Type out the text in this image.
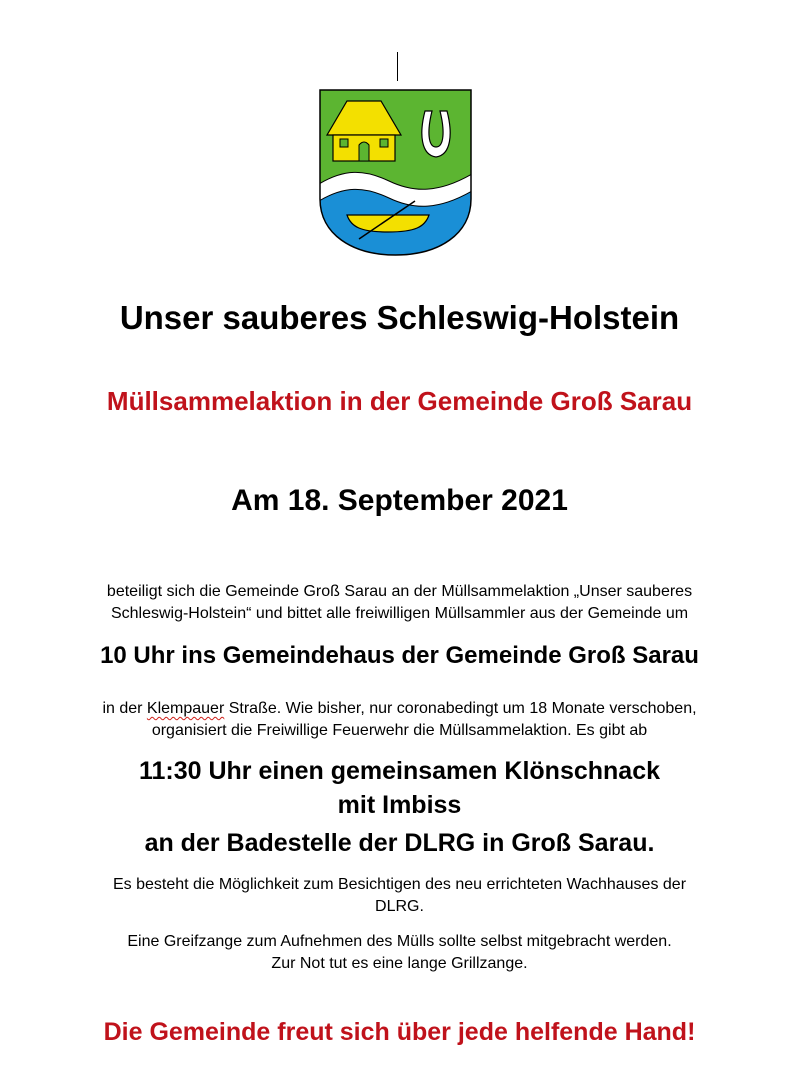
Unser sauberes Schleswig-Holstein
Müllsammelaktion in der Gemeinde Groß Sarau
Am 18. September 2021
beteiligt sich die Gemeinde Groß Sarau an der Müllsammelaktion „Unser sauberes
Schleswig-Holstein“ und bittet alle freiwilligen Müllsammler aus der Gemeinde um
10 Uhr ins Gemeindehaus der Gemeinde Groß Sarau
in der Klempauer Straße. Wie bisher, nur coronabedingt um 18 Monate verschoben,
organisiert die Freiwillige Feuerwehr die Müllsammelaktion. Es gibt ab
11:30 Uhr einen gemeinsamen Klönschnack
mit Imbiss
an der Badestelle der DLRG in Groß Sarau.
Es besteht die Möglichkeit zum Besichtigen des neu errichteten Wachhauses der
DLRG.
Eine Greifzange zum Aufnehmen des Mülls sollte selbst mitgebracht werden.
Zur Not tut es eine lange Grillzange.
Die Gemeinde freut sich über jede helfende Hand!
